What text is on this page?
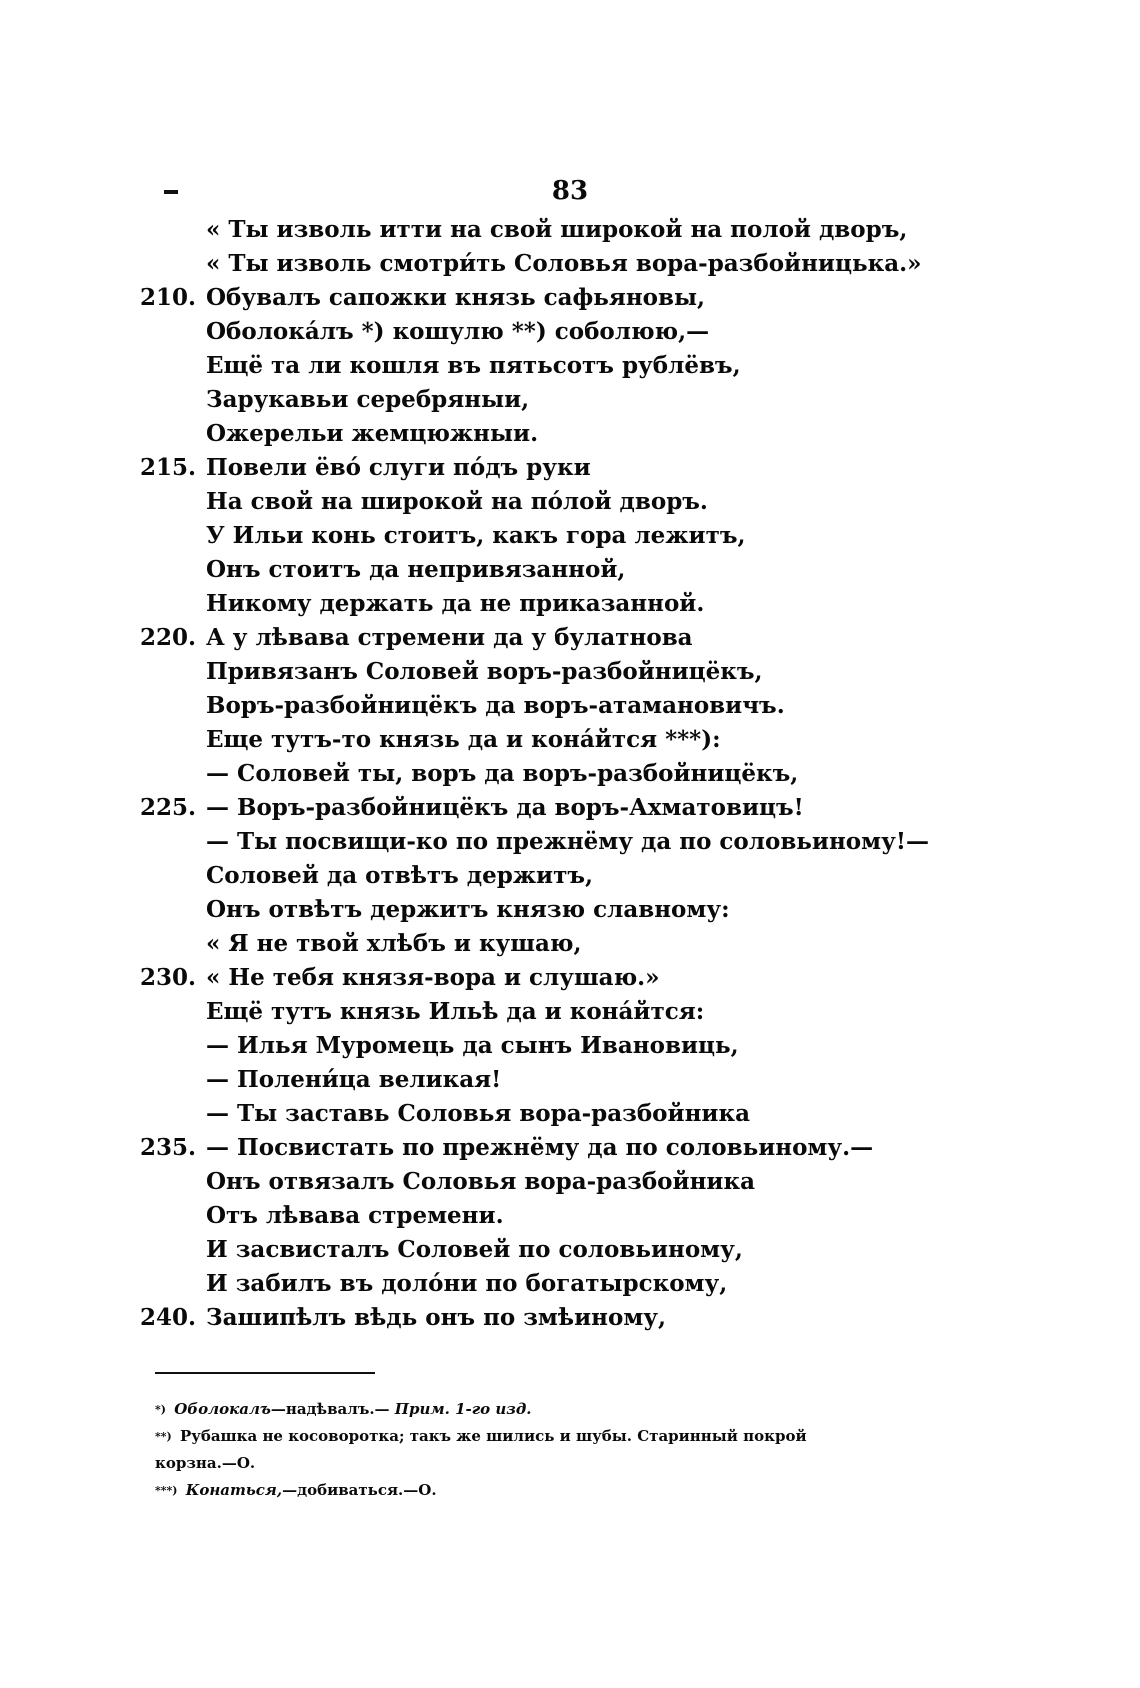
83
« Ты изволь итти на свой широкой на полой дворъ,
« Ты изволь смотри́ть Соловья вора-разбойницька.»
210. Обувалъ сапожки князь сафьяновы,
Оболока́лъ *) кошулю **) соболюю,—
Ещё та ли кошля въ пятьсотъ рублёвъ,
Зарукавьи серебряныи,
Ожерельи жемцюжныи.
215. Повели ёво́ слуги по́дъ руки
На свой на широкой на по́лой дворъ.
У Ильи конь стоитъ, какъ гора лежитъ,
Онъ стоитъ да непривязанной,
Никому держать да не приказанной.
220. А у лѣвава стремени да у булатнова
Привязанъ Соловей воръ-разбойницёкъ,
Воръ-разбойницёкъ да воръ-атамановичъ.
Еще тутъ-то князь да и кона́йтся ***):
— Соловей ты, воръ да воръ-разбойницёкъ,
225. — Воръ-разбойницёкъ да воръ-Ахматовицъ!
— Ты посвищи-ко по прежнёму да по соловьиному!—
Соловей да отвѣтъ держитъ,
Онъ отвѣтъ держитъ князю славному:
« Я не твой хлѣбъ и кушаю,
230. « Не тебя князя-вора и слушаю.»
Ещё тутъ князь Ильѣ да и кона́йтся:
— Илья Муромець да сынъ Ивановиць,
— Полени́ца великая!
— Ты заставь Соловья вора-разбойника
235. — Посвистать по прежнёму да по соловьиному.—
Онъ отвязалъ Соловья вора-разбойника
Отъ лѣвава стремени.
И засвисталъ Соловей по соловьиному,
И забилъ въ доло́ни по богатырскому,
240. Зашипѣлъ вѣдь онъ по змѣиному,
*) Оболокалъ—надѣвалъ.— Прим. 1-го изд.
**) Рубашка не косоворотка; такъ же шились и шубы. Старинный покрой
корзна.—О.
***) Конаться,—добиваться.—О.
